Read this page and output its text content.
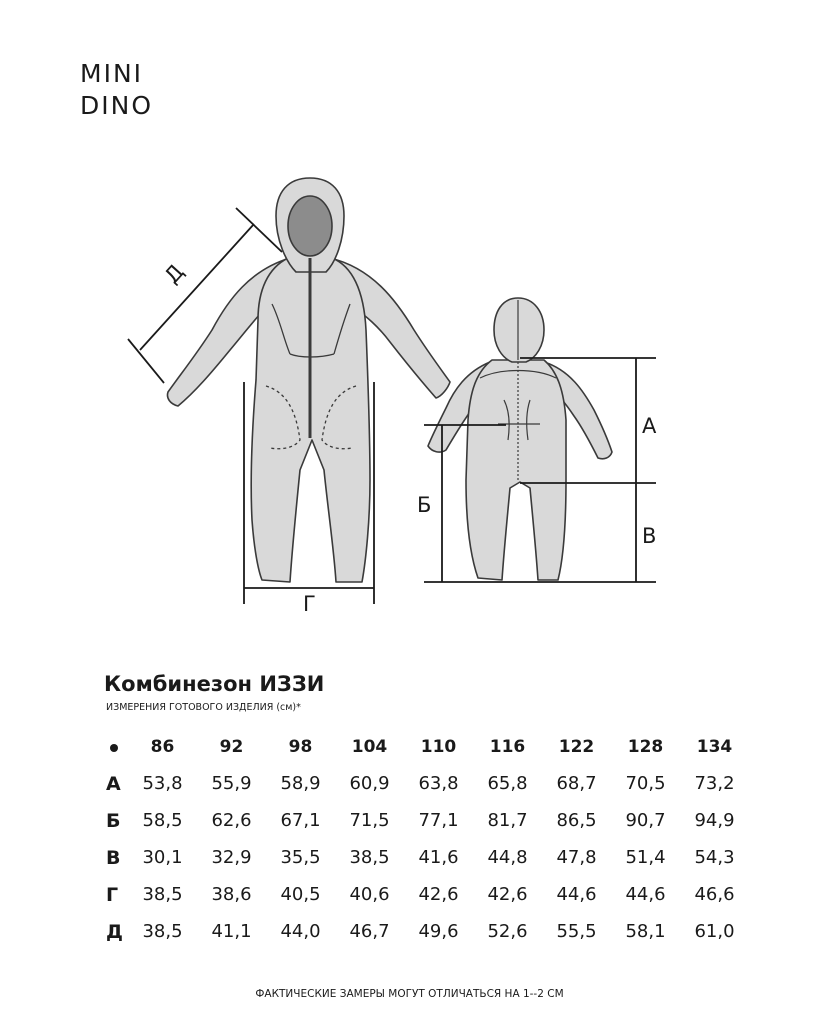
MINI
DINO
Д
Г
А
Б
В
Комбинезон ИЗЗИ
ИЗМЕРЕНИЯ ГОТОВОГО ИЗДЕЛИЯ (см)*
	86	92	98	104	110	116	122	128	134
А	53,8	55,9	58,9	60,9	63,8	65,8	68,7	70,5	73,2
Б	58,5	62,6	67,1	71,5	77,1	81,7	86,5	90,7	94,9
В	30,1	32,9	35,5	38,5	41,6	44,8	47,8	51,4	54,3
Г	38,5	38,6	40,5	40,6	42,6	42,6	44,6	44,6	46,6
Д	38,5	41,1	44,0	46,7	49,6	52,6	55,5	58,1	61,0
ФАКТИЧЕСКИЕ ЗАМЕРЫ МОГУТ ОТЛИЧАТЬСЯ НА 1--2 СМ
